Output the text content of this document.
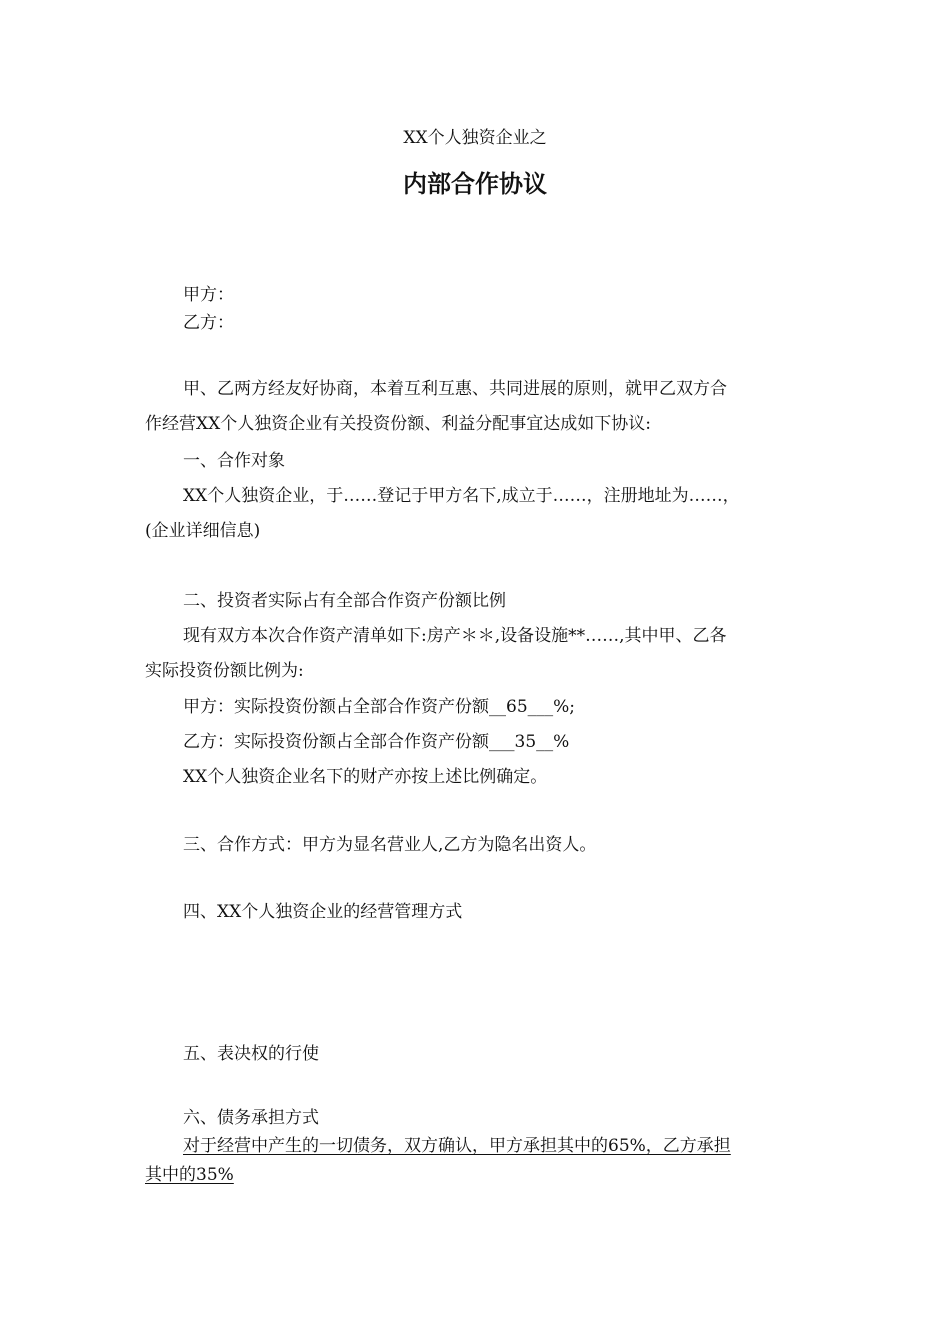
XX个人独资企业之
内部合作协议
甲方：
乙方：
甲、乙两方经友好协商，本着互利互惠、共同进展的原则，就甲乙双方合
作经营XX个人独资企业有关投资份额、利益分配事宜达成如下协议:
一、合作对象
XX个人独资企业，于……登记于甲方名下,成立于……，注册地址为……，
(企业详细信息)
二、投资者实际占有全部合作资产份额比例
现有双方本次合作资产清单如下:房产＊＊,设备设施**……,其中甲、乙各
实际投资份额比例为:
甲方：实际投资份额占全部合作资产份额__65___%;
乙方：实际投资份额占全部合作资产份额___35__%
XX个人独资企业名下的财产亦按上述比例确定。
三、合作方式：甲方为显名营业人,乙方为隐名出资人。
四、XX个人独资企业的经营管理方式
五、表决权的行使
六、债务承担方式
对于经营中产生的一切债务，双方确认，甲方承担其中的65%，乙方承担
其中的35%
